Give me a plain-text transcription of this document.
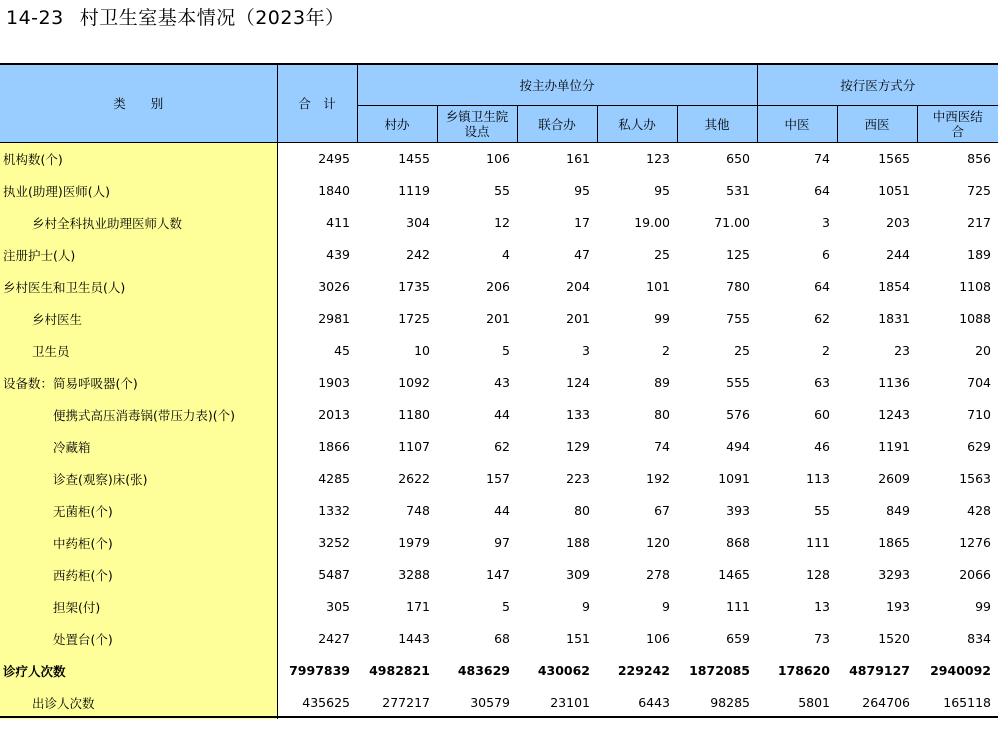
14-23 村卫生室基本情况（2023年）
类　　别	合　计	按主办单位分					按行医方式分		
		村办	乡镇卫生院设点	联合办	私人办	其他	中医	西医	中西医结合
机构数(个)	2495	1455	106	161	123	650	74	1565	856
执业(助理)医师(人)	1840	1119	55	95	95	531	64	1051	725
乡村全科执业助理医师人数	411	304	12	17	19.00	71.00	3	203	217
注册护士(人)	439	242	4	47	25	125	6	244	189
乡村医生和卫生员(人)	3026	1735	206	204	101	780	64	1854	1108
乡村医生	2981	1725	201	201	99	755	62	1831	1088
卫生员	45	10	5	3	2	25	2	23	20
设备数：简易呼吸器(个)	1903	1092	43	124	89	555	63	1136	704
便携式高压消毒锅(带压力表)(个)	2013	1180	44	133	80	576	60	1243	710
冷藏箱	1866	1107	62	129	74	494	46	1191	629
诊查(观察)床(张)	4285	2622	157	223	192	1091	113	2609	1563
无菌柜(个)	1332	748	44	80	67	393	55	849	428
中药柜(个)	3252	1979	97	188	120	868	111	1865	1276
西药柜(个)	5487	3288	147	309	278	1465	128	3293	2066
担架(付)	305	171	5	9	9	111	13	193	99
处置台(个)	2427	1443	68	151	106	659	73	1520	834
诊疗人次数	7997839	4982821	483629	430062	229242	1872085	178620	4879127	2940092
出诊人次数	435625	277217	30579	23101	6443	98285	5801	264706	165118
